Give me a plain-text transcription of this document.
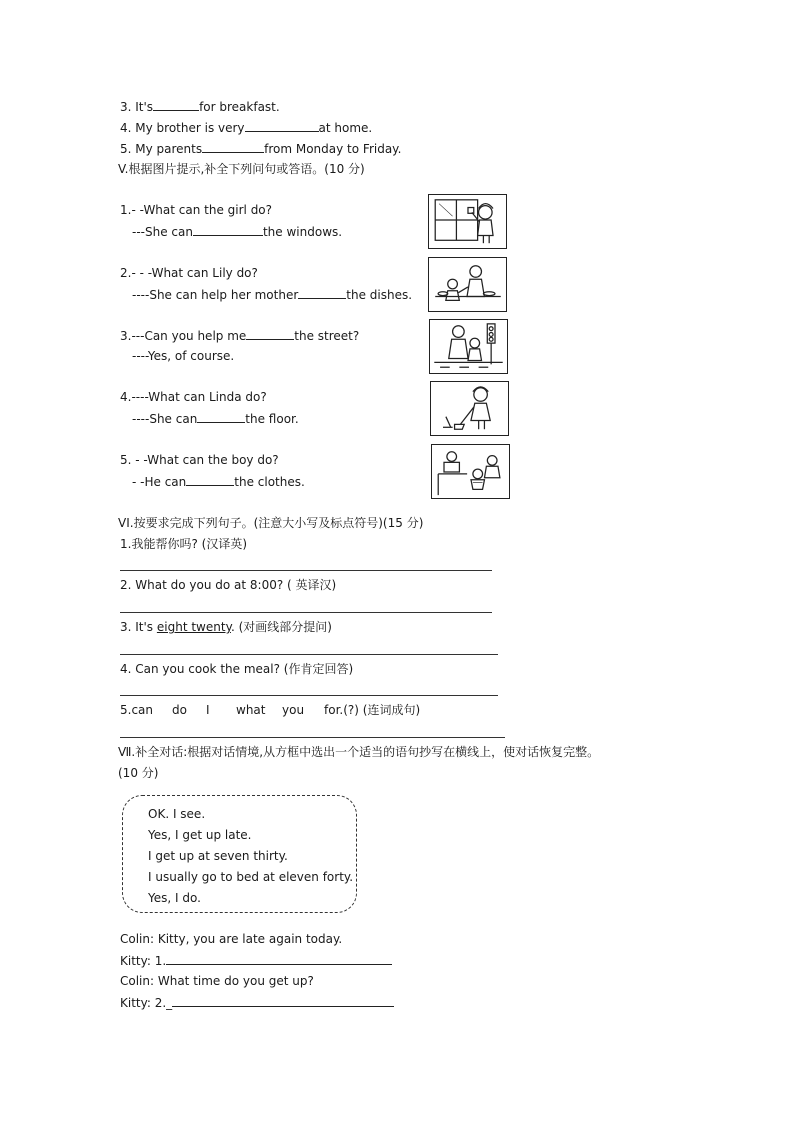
3. It's	for breakfast.
4. My brother is very	at home.
5. My parents	from Monday to Friday.
V.根据图片提示,补全下列问句或答语。(10 分)
1.- -What can the girl do?
---She can	the windows.
2.- - -What can Lily do?
----She can help her mother	the dishes.
3.---Can you help me	the street?
----Yes, of course.
4.----What can Linda do?
----She can	the floor.
5. - -What can the boy do?
- -He can	the clothes.
VI.按要求完成下列句子。(注意大小写及标点符号)(15 分)
1.我能帮你吗? (汉译英)
2. What do you do at 8:00? ( 英译汉)
3. It's eight twenty. (对画线部分提问)
4. Can you cook the meal? (作肯定回答)
5.can do I what you for.(?) (连词成句)
Ⅶ.补全对话:根据对话情境,从方框中选出一个适当的语句抄写在横线上，使对话恢复完整。
(10 分)
OK. I see.
Yes, I get up late.
I get up at seven thirty.
I usually go to bed at eleven forty.
Yes, I do.
Colin: Kitty, you are late again today.
Kitty: 1.
Colin: What time do you get up?
Kitty: 2._
